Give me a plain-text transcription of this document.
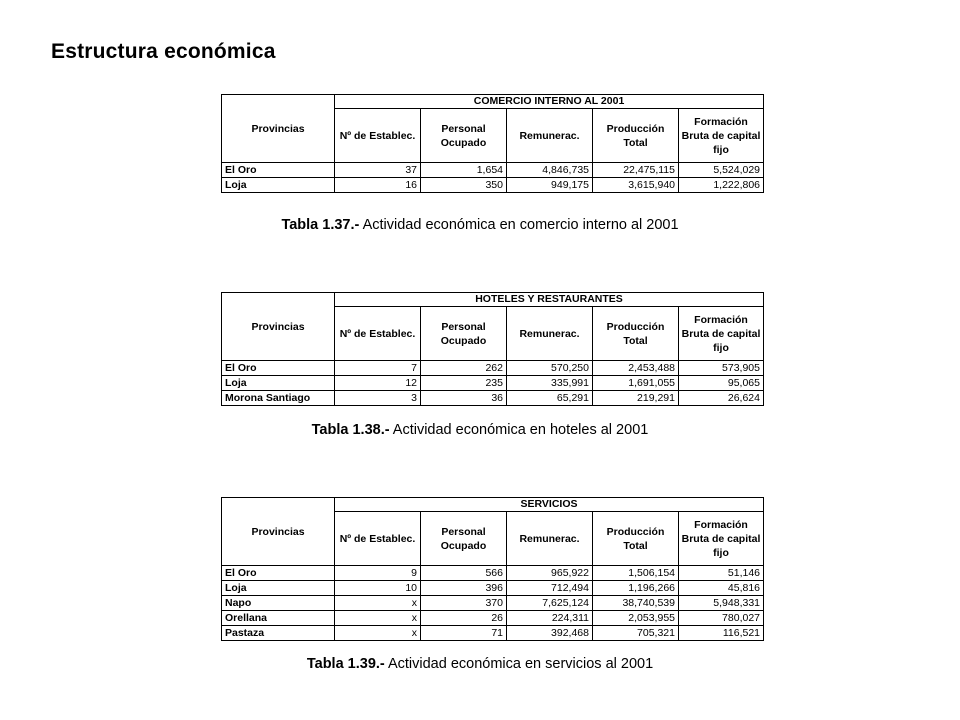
Estructura económica
Provincias	COMERCIO INTERNO AL 2001				
	Nº de Establec.	Personal Ocupado	Remunerac.	Producción Total	Formación Bruta de capital fijo
El Oro	37	1,654	4,846,735	22,475,115	5,524,029
Loja	16	350	949,175	3,615,940	1,222,806
Tabla 1.37.- Actividad económica en comercio interno al 2001
Provincias	HOTELES Y RESTAURANTES				
	Nº de Establec.	Personal Ocupado	Remunerac.	Producción Total	Formación Bruta de capital fijo
El Oro	7	262	570,250	2,453,488	573,905
Loja	12	235	335,991	1,691,055	95,065
Morona Santiago	3	36	65,291	219,291	26,624
Tabla 1.38.- Actividad económica en hoteles al 2001
Provincias	SERVICIOS				
	Nº de Establec.	Personal Ocupado	Remunerac.	Producción Total	Formación Bruta de capital fijo
El Oro	9	566	965,922	1,506,154	51,146
Loja	10	396	712,494	1,196,266	45,816
Napo	x	370	7,625,124	38,740,539	5,948,331
Orellana	x	26	224,311	2,053,955	780,027
Pastaza	x	71	392,468	705,321	116,521
Tabla 1.39.- Actividad económica en servicios al 2001
